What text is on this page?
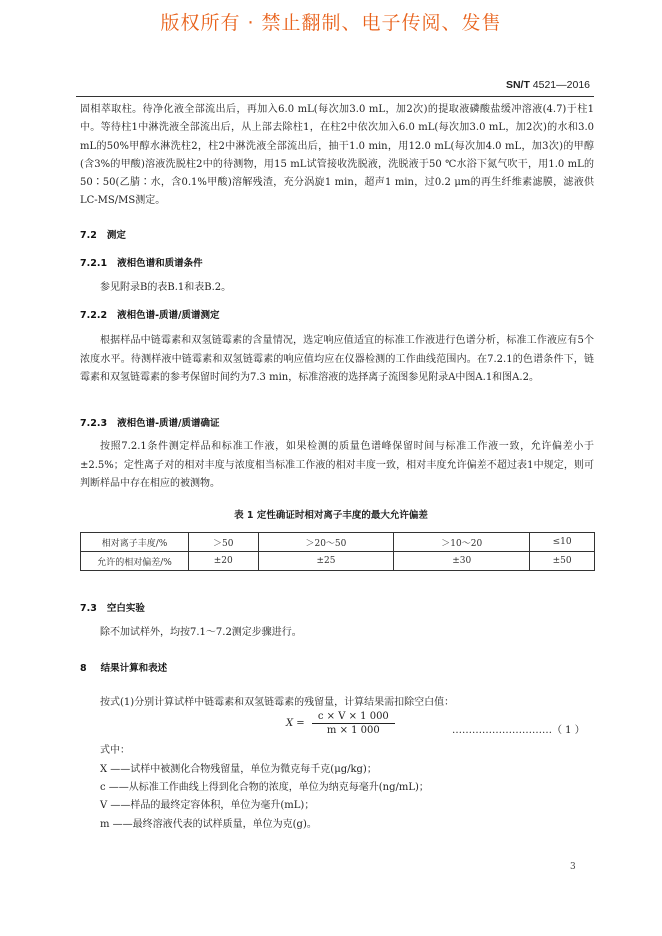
版权所有 · 禁止翻制、电子传阅、发售
SN/T 4521—2016
固相萃取柱。待净化液全部流出后，再加入6.0 mL(每次加3.0 mL，加2次)的提取液磷酸盐缓冲溶液(4.7)于柱1中。等待柱1中淋洗液全部流出后，从上部去除柱1，在柱2中依次加入6.0 mL(每次加3.0 mL，加2次)的水和3.0 mL的50%甲醇水淋洗柱2，柱2中淋洗液全部流出后，抽干1.0 min，用12.0 mL(每次加4.0 mL，加3次)的甲醇(含3%的甲酸)溶液洗脱柱2中的待测物，用15 mL试管接收洗脱液，洗脱液于50 ℃水浴下氮气吹干，用1.0 mL的50∶50(乙腈∶水，含0.1%甲酸)溶解残渣，充分涡旋1 min，超声1 min，过0.2 μm的再生纤维素滤膜，滤液供LC-MS/MS测定。
7.2 测定
7.2.1 液相色谱和质谱条件
参见附录B的表B.1和表B.2。
7.2.2 液相色谱-质谱/质谱测定
根据样品中链霉素和双氢链霉素的含量情况，选定响应值适宜的标准工作液进行色谱分析，标准工作液应有5个浓度水平。待测样液中链霉素和双氢链霉素的响应值均应在仪器检测的工作曲线范围内。在7.2.1的色谱条件下，链霉素和双氢链霉素的参考保留时间约为7.3 min，标准溶液的选择离子流图参见附录A中图A.1和图A.2。
7.2.3 液相色谱-质谱/质谱确证
按照7.2.1条件测定样品和标准工作液，如果检测的质量色谱峰保留时间与标准工作液一致，允许偏差小于±2.5%；定性离子对的相对丰度与浓度相当标准工作液的相对丰度一致，相对丰度允许偏差不超过表1中规定，则可判断样品中存在相应的被测物。
表 1 定性确证时相对离子丰度的最大允许偏差
相对离子丰度/%	＞50	＞20～50	＞10～20	≤10
允许的相对偏差/%	±20	±25	±30	±50
7.3 空白实验
除不加试样外，均按7.1～7.2测定步骤进行。
8 结果计算和表述
按式(1)分别计算试样中链霉素和双氢链霉素的残留量，计算结果需扣除空白值：
$X = \frac{c \times V \times 1 000}{m \times 1 000}$	…………………………（ 1 ）
式中：
X ——试样中被测化合物残留量，单位为微克每千克(μg/kg)；
c ——从标准工作曲线上得到化合物的浓度，单位为纳克每毫升(ng/mL)；
V ——样品的最终定容体积，单位为毫升(mL)；
m ——最终溶液代表的试样质量，单位为克(g)。
3
